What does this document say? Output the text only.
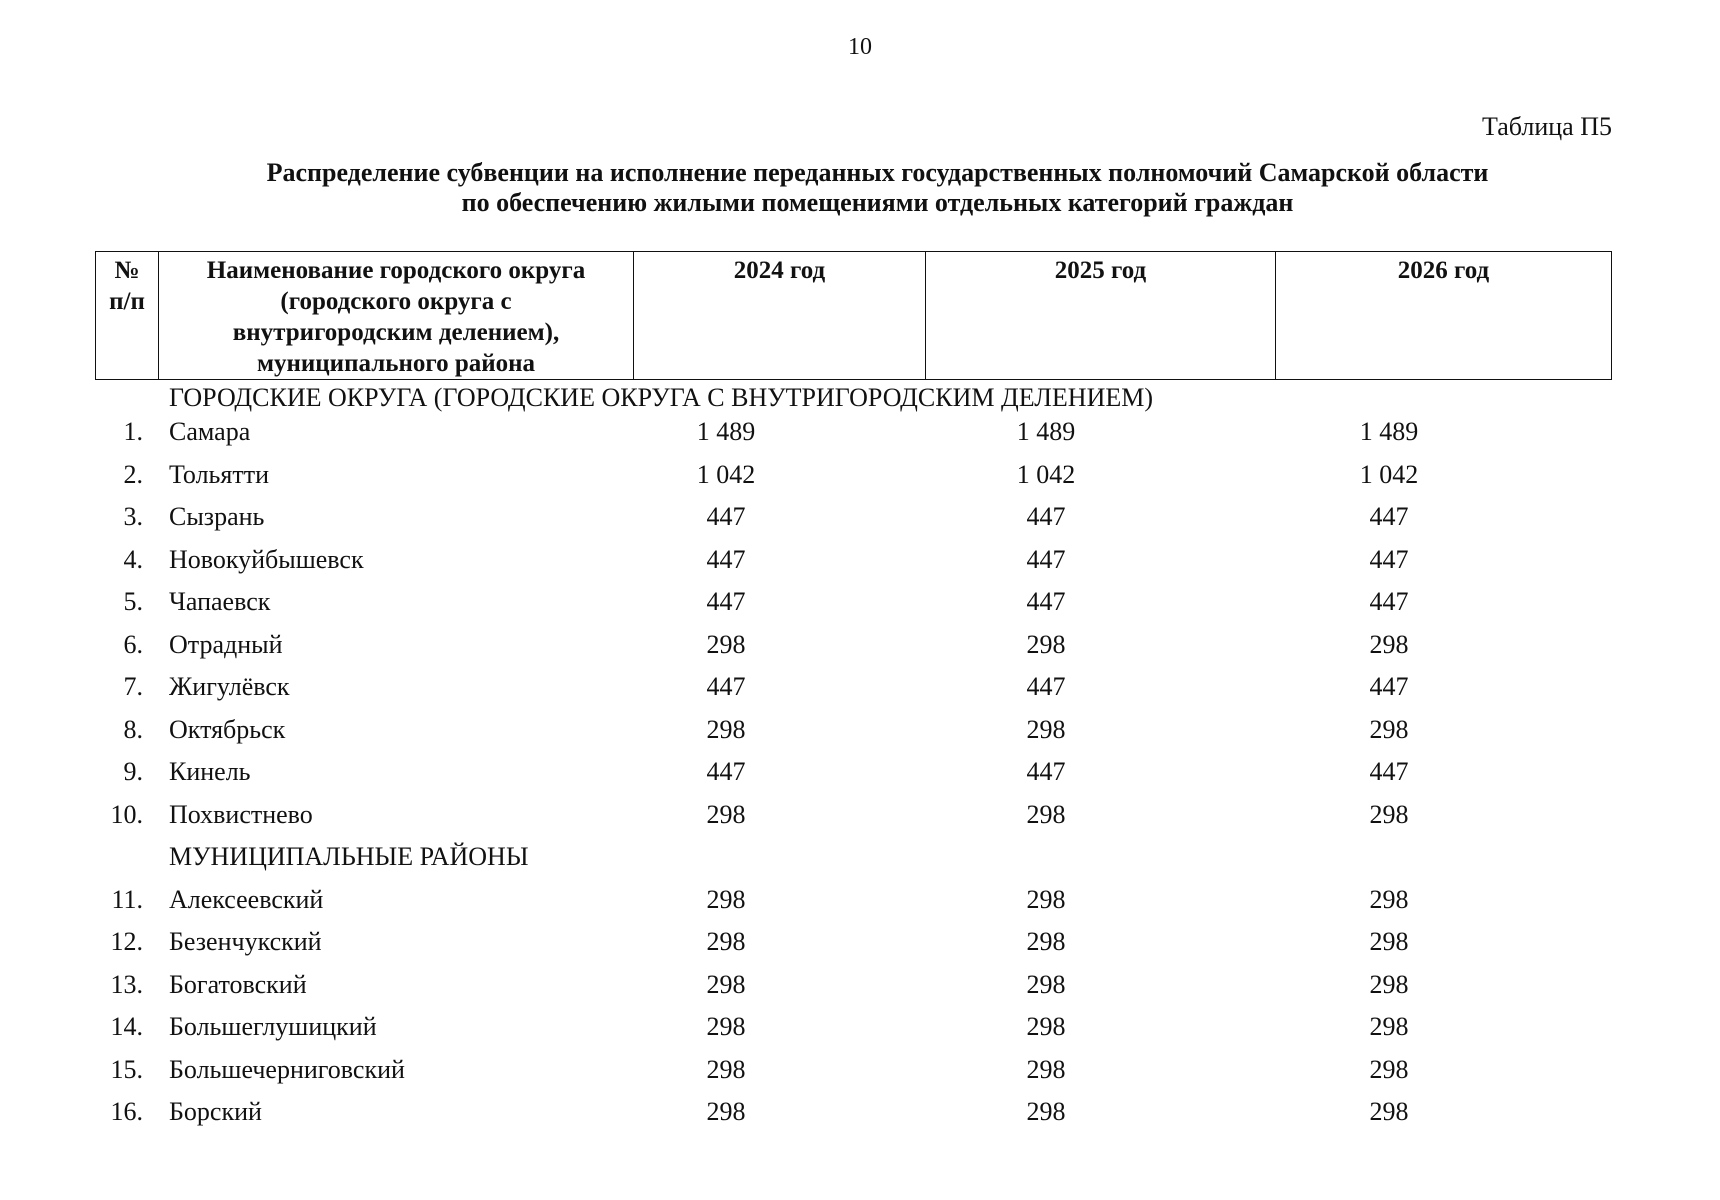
10
Таблица П5
Распределение субвенции на исполнение переданных государственных полномочий Самарской области
по обеспечению жилыми помещениями отдельных категорий граждан
№
п/п

Наименование городского округа
(городского округа с
внутригородским делением),
муниципального района
	2024 год	2025 год	2026 год
ГОРОДСКИЕ ОКРУГА (ГОРОДСКИЕ ОКРУГА С ВНУТРИГОРОДСКИМ ДЕЛЕНИЕМ)
1. Самара	1 489	1 489	1 489
2. Тольятти	1 042	1 042	1 042
3. Сызрань	447	447	447
4. Новокуйбышевск	447	447	447
5. Чапаевск	447	447	447
6. Отрадный	298	298	298
7. Жигулёвск	447	447	447
8. Октябрьск	298	298	298
9. Кинель	447	447	447
10. Похвистнево	298	298	298
МУНИЦИПАЛЬНЫЕ РАЙОНЫ
11. Алексеевский	298	298	298
12. Безенчукский	298	298	298
13. Богатовский	298	298	298
14. Большеглушицкий	298	298	298
15. Большечерниговский	298	298	298
16. Борский	298	298	298
